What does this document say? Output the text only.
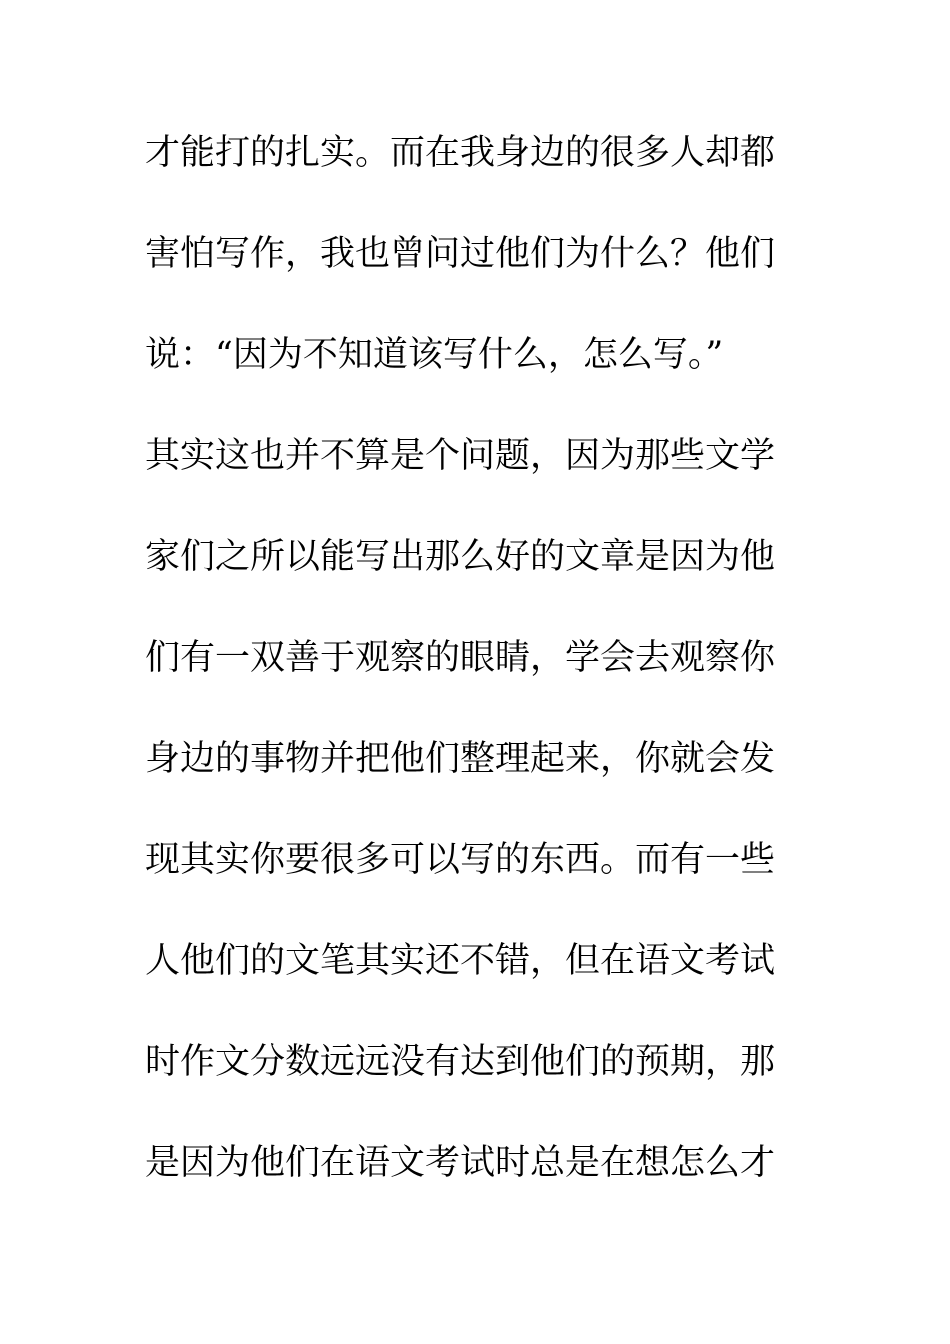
才能打的扎实。而在我身边的很多人却都
害怕写作，我也曾问过他们为什么？他们
说：“因为不知道该写什么，怎么写。”
其实这也并不算是个问题，因为那些文学
家们之所以能写出那么好的文章是因为他
们有一双善于观察的眼睛，学会去观察你
身边的事物并把他们整理起来，你就会发
现其实你要很多可以写的东西。而有一些
人他们的文笔其实还不错，但在语文考试
时作文分数远远没有达到他们的预期，那
是因为他们在语文考试时总是在想怎么才
